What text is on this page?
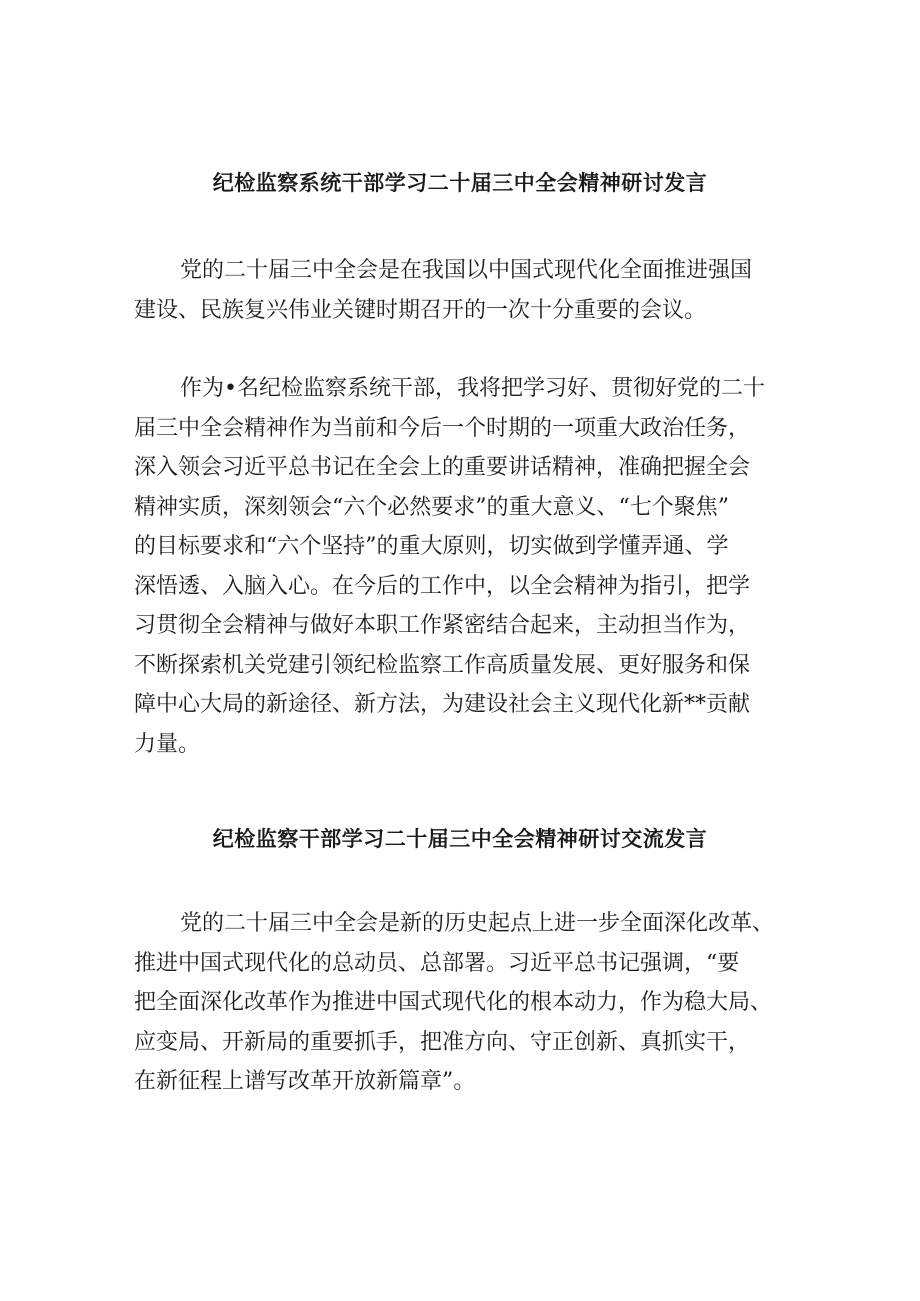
纪检监察系统干部学习二十届三中全会精神研讨发言

党的二十届三中全会是在我国以中国式现代化全面推进强国
建设、民族复兴伟业关键时期召开的一次十分重要的会议。

作为•名纪检监察系统干部，我将把学习好、贯彻好党的二十
届三中全会精神作为当前和今后一个时期的一项重大政治任务，
深入领会习近平总书记在全会上的重要讲话精神，准确把握全会
精神实质，深刻领会“六个必然要求”的重大意义、“七个聚焦”
的目标要求和“六个坚持”的重大原则，切实做到学懂弄通、学
深悟透、入脑入心。在今后的工作中，以全会精神为指引，把学
习贯彻全会精神与做好本职工作紧密结合起来，主动担当作为，
不断探索机关党建引领纪检监察工作高质量发展、更好服务和保
障中心大局的新途径、新方法，为建设社会主义现代化新**贡献
力量。

纪检监察干部学习二十届三中全会精神研讨交流发言

党的二十届三中全会是新的历史起点上进一步全面深化改革、
推进中国式现代化的总动员、总部署。习近平总书记强调，“要
把全面深化改革作为推进中国式现代化的根本动力，作为稳大局、
应变局、开新局的重要抓手，把准方向、守正创新、真抓实干，
在新征程上谱写改革开放新篇章”。
